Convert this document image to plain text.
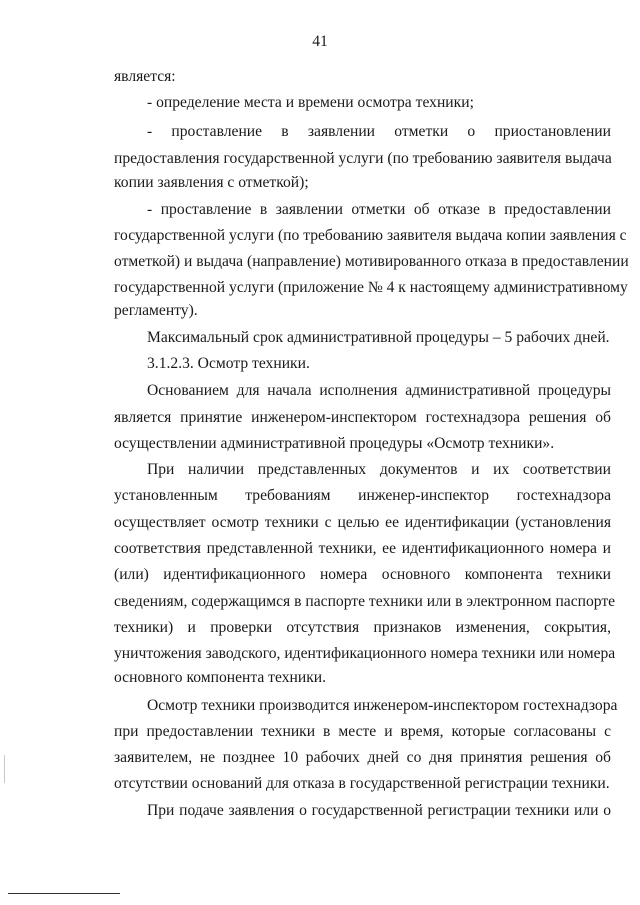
41
является:
- определение места и времени осмотра техники;
- проставление в заявлении отметки о приостановлении
предоставления государственной услуги (по требованию заявителя выдача
копии заявления с отметкой);
- проставление в заявлении отметки об отказе в предоставлении
государственной услуги (по требованию заявителя выдача копии заявления с
отметкой) и выдача (направление) мотивированного отказа в предоставлении
государственной услуги (приложение № 4 к настоящему административному
регламенту).
Максимальный срок административной процедуры – 5 рабочих дней.
3.1.2.3. Осмотр техники.
Основанием для начала исполнения административной процедуры
является принятие инженером-инспектором гостехнадзора решения об
осуществлении административной процедуры «Осмотр техники».
При наличии представленных документов и их соответствии
установленным требованиям инженер-инспектор гостехнадзора
осуществляет осмотр техники с целью ее идентификации (установления
соответствия представленной техники, ее идентификационного номера и
(или) идентификационного номера основного компонента техники
сведениям, содержащимся в паспорте техники или в электронном паспорте
техники) и проверки отсутствия признаков изменения, сокрытия,
уничтожения заводского, идентификационного номера техники или номера
основного компонента техники.
Осмотр техники производится инженером-инспектором гостехнадзора
при предоставлении техники в месте и время, которые согласованы с
заявителем, не позднее 10 рабочих дней со дня принятия решения об
отсутствии оснований для отказа в государственной регистрации техники.
При подаче заявления о государственной регистрации техники или о
